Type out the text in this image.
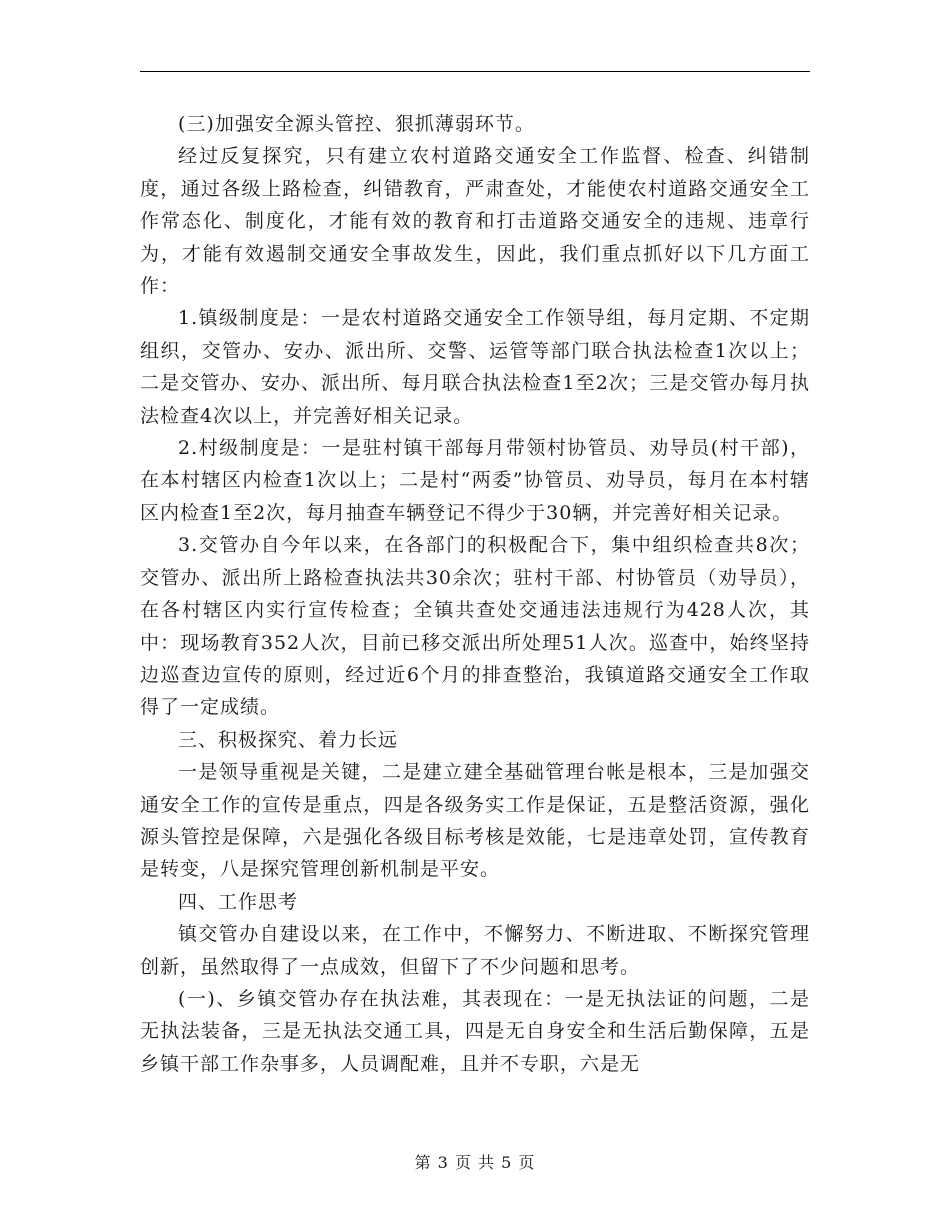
(三)加强安全源头管控、狠抓薄弱环节。

经过反复探究，只有建立农村道路交通安全工作监督、检查、纠错制度，通过各级上路检查，纠错教育，严肃查处，才能使农村道路交通安全工作常态化、制度化，才能有效的教育和打击道路交通安全的违规、违章行为，才能有效遏制交通安全事故发生，因此，我们重点抓好以下几方面工作：

1.镇级制度是：一是农村道路交通安全工作领导组，每月定期、不定期组织，交管办、安办、派出所、交警、运管等部门联合执法检查1次以上；二是交管办、安办、派出所、每月联合执法检查1至2次；三是交管办每月执法检查4次以上，并完善好相关记录。

2.村级制度是：一是驻村镇干部每月带领村协管员、劝导员(村干部)，在本村辖区内检查1次以上；二是村“两委”协管员、劝导员，每月在本村辖区内检查1至2次，每月抽查车辆登记不得少于30辆，并完善好相关记录。

3.交管办自今年以来，在各部门的积极配合下，集中组织检查共8次；交管办、派出所上路检查执法共30余次；驻村干部、村协管员（劝导员），在各村辖区内实行宣传检查；全镇共查处交通违法违规行为428人次，其中：现场教育352人次，目前已移交派出所处理51人次。巡查中，始终坚持边巡查边宣传的原则，经过近6个月的排查整治，我镇道路交通安全工作取得了一定成绩。

三、积极探究、着力长远

一是领导重视是关键，二是建立建全基础管理台帐是根本，三是加强交通安全工作的宣传是重点，四是各级务实工作是保证，五是整活资源，强化源头管控是保障，六是强化各级目标考核是效能，七是违章处罚，宣传教育是转变，八是探究管理创新机制是平安。

四、工作思考

镇交管办自建设以来，在工作中，不懈努力、不断进取、不断探究管理创新，虽然取得了一点成效，但留下了不少问题和思考。

(一)、乡镇交管办存在执法难，其表现在：一是无执法证的问题，二是无执法装备，三是无执法交通工具，四是无自身安全和生活后勤保障，五是乡镇干部工作杂事多，人员调配难，且并不专职，六是无

第 3 页 共 5 页
